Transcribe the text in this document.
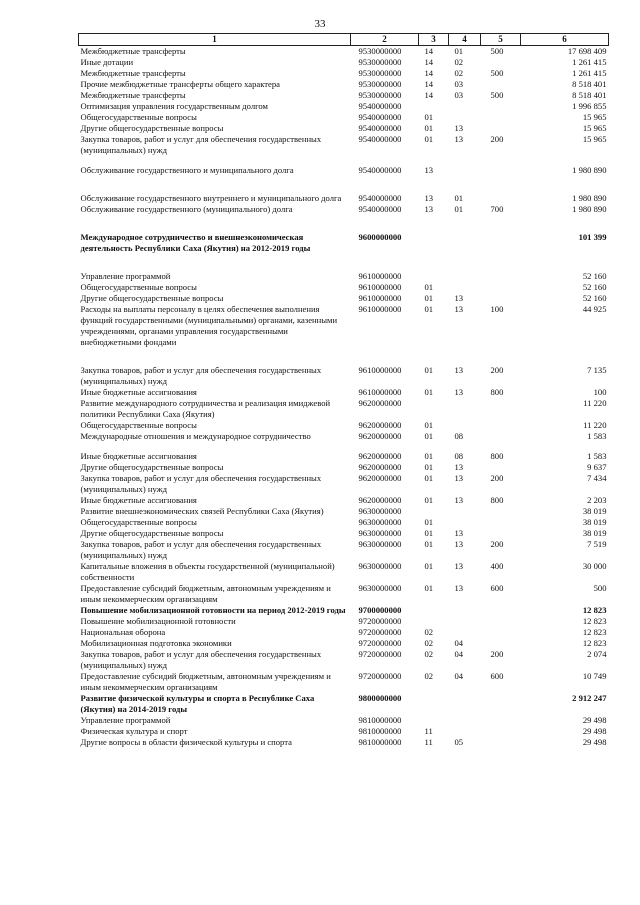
33
1	2	3	4	5	6
Межбюджетные трансферты	9530000000	14	01	500	17 698 409
Иные дотации	9530000000	14	02		1 261 415
Межбюджетные трансферты	9530000000	14	02	500	1 261 415
Прочие межбюджетные трансферты общего характера	9530000000	14	03		8 518 401
Межбюджетные трансферты	9530000000	14	03	500	8 518 401
Оптимизация управления государственным долгом	9540000000				1 996 855
Общегосударственные вопросы	9540000000	01			15 965
Другие общегосударственные вопросы	9540000000	01	13		15 965
Закупка товаров, работ и услуг для обеспечения государственных (муниципальных) нужд	9540000000	01	13	200	15 965

Обслуживание государственного и муниципального долга	9540000000	13			1 980 890

Обслуживание государственного внутреннего и муниципального долга	9540000000	13	01		1 980 890
Обслуживание государственного (муниципального) долга	9540000000	13	01	700	1 980 890

Международное сотрудничество и внешнеэкономическая деятельность Республики Саха (Якутия) на 2012-2019 годы	9600000000				101 399

Управление программой	9610000000				52 160
Общегосударственные вопросы	9610000000	01			52 160
Другие общегосударственные вопросы	9610000000	01	13		52 160
Расходы на выплаты персоналу в целях обеспечения выполнения функций государственными (муниципальными) органами, казенными учреждениями, органами управления государственными внебюджетными фондами	9610000000	01	13	100	44 925

Закупка товаров, работ и услуг для обеспечения государственных (муниципальных) нужд	9610000000	01	13	200	7 135
Иные бюджетные ассигнования	9610000000	01	13	800	100
Развитие международного сотрудничества и реализация имиджевой политики Республики Саха (Якутия)	9620000000				11 220
Общегосударственные вопросы	9620000000	01			11 220
Международные отношения и международное сотрудничество	9620000000	01	08		1 583

Иные бюджетные ассигнования	9620000000	01	08	800	1 583
Другие общегосударственные вопросы	9620000000	01	13		9 637
Закупка товаров, работ и услуг для обеспечения государственных (муниципальных) нужд	9620000000	01	13	200	7 434
Иные бюджетные ассигнования	9620000000	01	13	800	2 203
Развитие внешнеэкономических связей Республики Саха (Якутия)	9630000000				38 019
Общегосударственные вопросы	9630000000	01			38 019
Другие общегосударственные вопросы	9630000000	01	13		38 019
Закупка товаров, работ и услуг для обеспечения государственных (муниципальных) нужд	9630000000	01	13	200	7 519
Капитальные вложения в объекты государственной (муниципальной) собственности	9630000000	01	13	400	30 000
Предоставление субсидий бюджетным, автономным учреждениям и иным некоммерческим организациям	9630000000	01	13	600	500
Повышение мобилизационной готовности на период 2012-2019 годы	9700000000				12 823
Повышение мобилизационной готовности	9720000000				12 823
Национальная оборона	9720000000	02			12 823
Мобилизационная подготовка экономики	9720000000	02	04		12 823
Закупка товаров, работ и услуг для обеспечения государственных (муниципальных) нужд	9720000000	02	04	200	2 074
Предоставление субсидий бюджетным, автономным учреждениям и иным некоммерческим организациям	9720000000	02	04	600	10 749
Развитие физической культуры и спорта в Республике Саха (Якутия) на 2014-2019 годы	9800000000				2 912 247
Управление программой	9810000000				29 498
Физическая культура и спорт	9810000000	11			29 498
Другие вопросы в области физической культуры и спорта	9810000000	11	05		29 498
